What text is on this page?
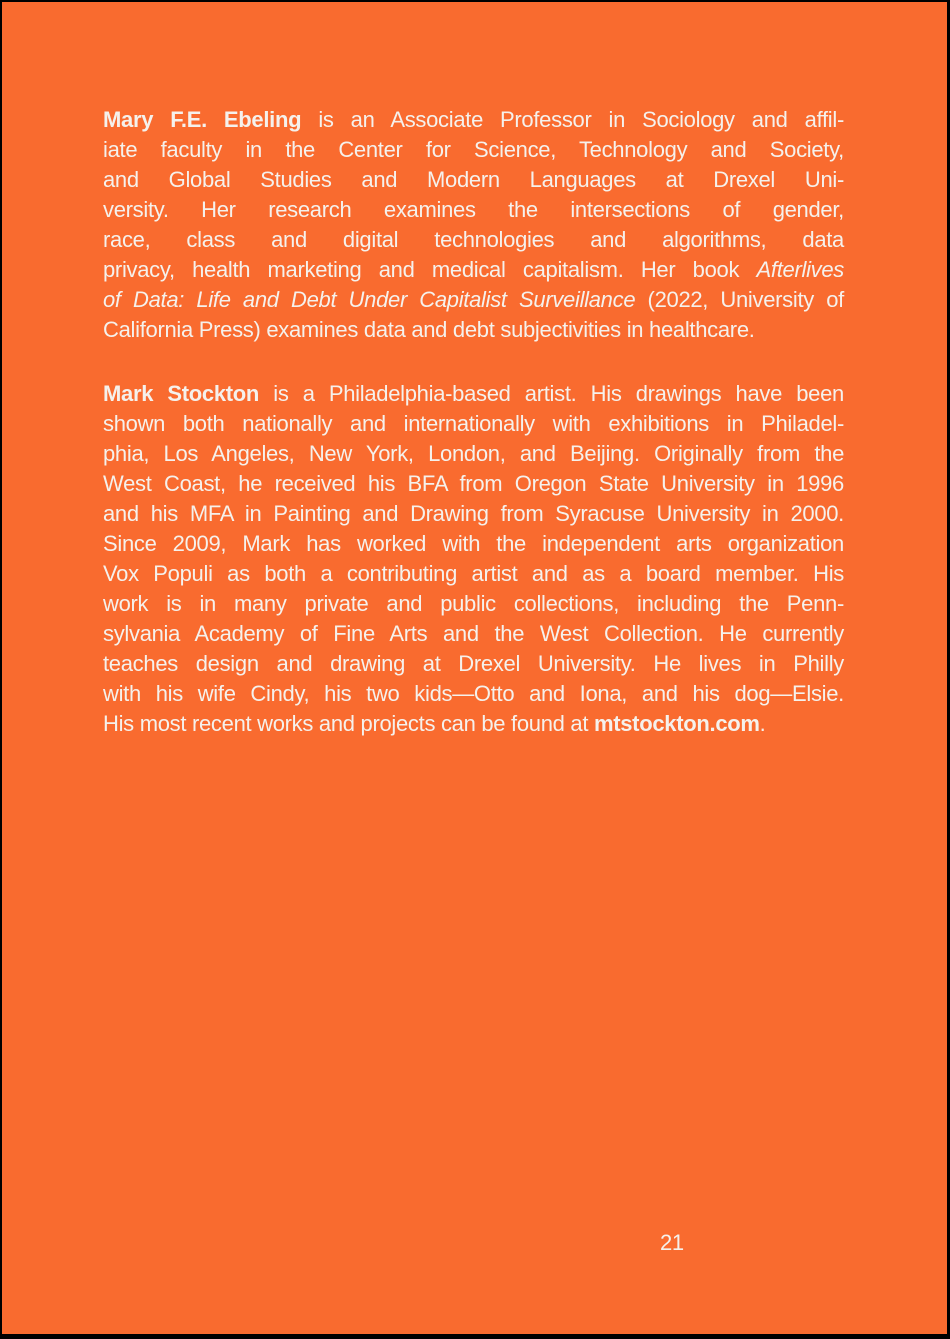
Mary F.E. Ebeling is an Associate Professor in Sociology and affil-
iate faculty in the Center for Science, Technology and Society,
and Global Studies and Modern Languages at Drexel Uni-
versity. Her research examines the intersections of gender,
race, class and digital technologies and algorithms, data
privacy, health marketing and medical capitalism. Her book Afterlives
of Data: Life and Debt Under Capitalist Surveillance (2022, University of
California Press) examines data and debt subjectivities in healthcare.

Mark Stockton is a Philadelphia-based artist. His drawings have been
shown both nationally and internationally with exhibitions in Philadel-
phia, Los Angeles, New York, London, and Beijing. Originally from the
West Coast, he received his BFA from Oregon State University in 1996
and his MFA in Painting and Drawing from Syracuse University in 2000.
Since 2009, Mark has worked with the independent arts organization
Vox Populi as both a contributing artist and as a board member. His
work is in many private and public collections, including the Penn-
sylvania Academy of Fine Arts and the West Collection. He currently
teaches design and drawing at Drexel University. He lives in Philly
with his wife Cindy, his two kids—Otto and Iona, and his dog—Elsie.
His most recent works and projects can be found at mtstockton.com.

21
